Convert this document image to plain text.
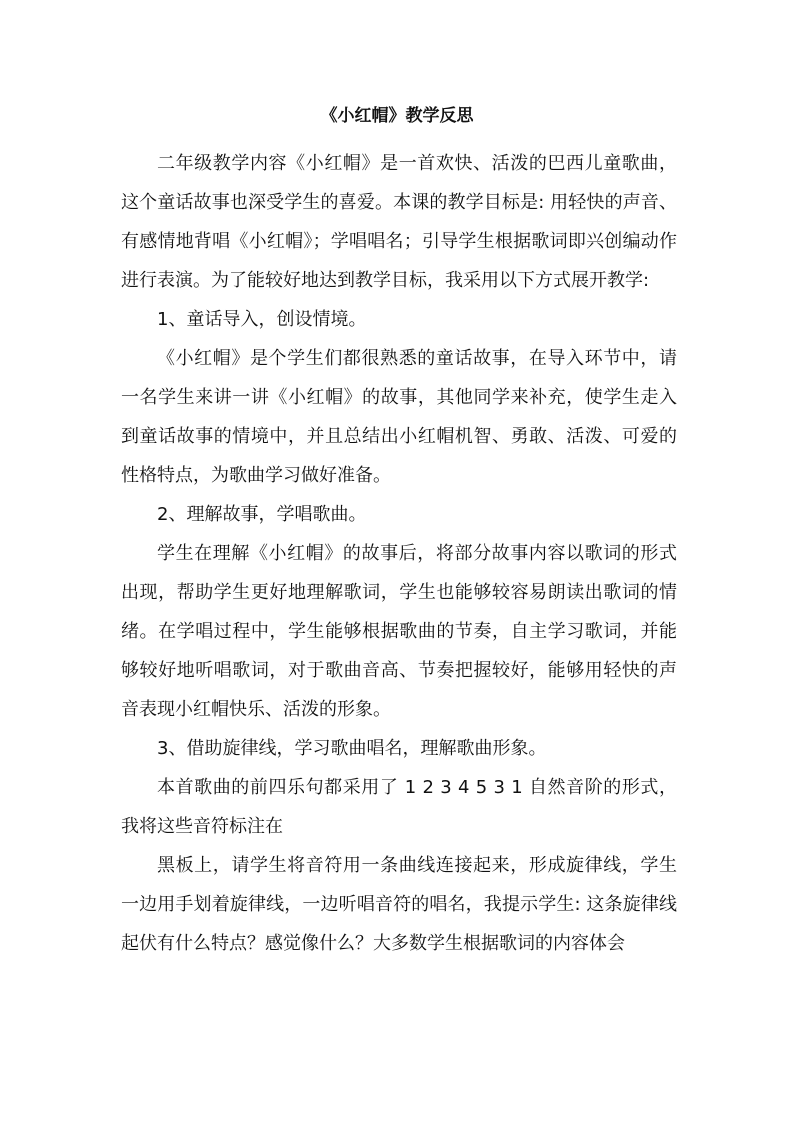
《小红帽》教学反思

二年级教学内容《小红帽》是一首欢快、活泼的巴西儿童歌曲，这个童话故事也深受学生的喜爱。本课的教学目标是: 用轻快的声音、有感情地背唱《小红帽》；学唱唱名；引导学生根据歌词即兴创编动作进行表演。为了能较好地达到教学目标，我采用以下方式展开教学:

1、童话导入，创设情境。

《小红帽》是个学生们都很熟悉的童话故事，在导入环节中，请一名学生来讲一讲《小红帽》的故事，其他同学来补充，使学生走入到童话故事的情境中，并且总结出小红帽机智、勇敢、活泼、可爱的性格特点，为歌曲学习做好准备。

2、理解故事，学唱歌曲。

学生在理解《小红帽》的故事后，将部分故事内容以歌词的形式出现，帮助学生更好地理解歌词，学生也能够较容易朗读出歌词的情绪。在学唱过程中，学生能够根据歌曲的节奏，自主学习歌词，并能够较好地听唱歌词，对于歌曲音高、节奏把握较好，能够用轻快的声音表现小红帽快乐、活泼的形象。

3、借助旋律线，学习歌曲唱名，理解歌曲形象。

本首歌曲的前四乐句都采用了 1 2 3 4 5 3 1 自然音阶的形式，我将这些音符标注在

黑板上，请学生将音符用一条曲线连接起来，形成旋律线，学生一边用手划着旋律线，一边听唱音符的唱名，我提示学生: 这条旋律线起伏有什么特点？感觉像什么？大多数学生根据歌词的内容体会
